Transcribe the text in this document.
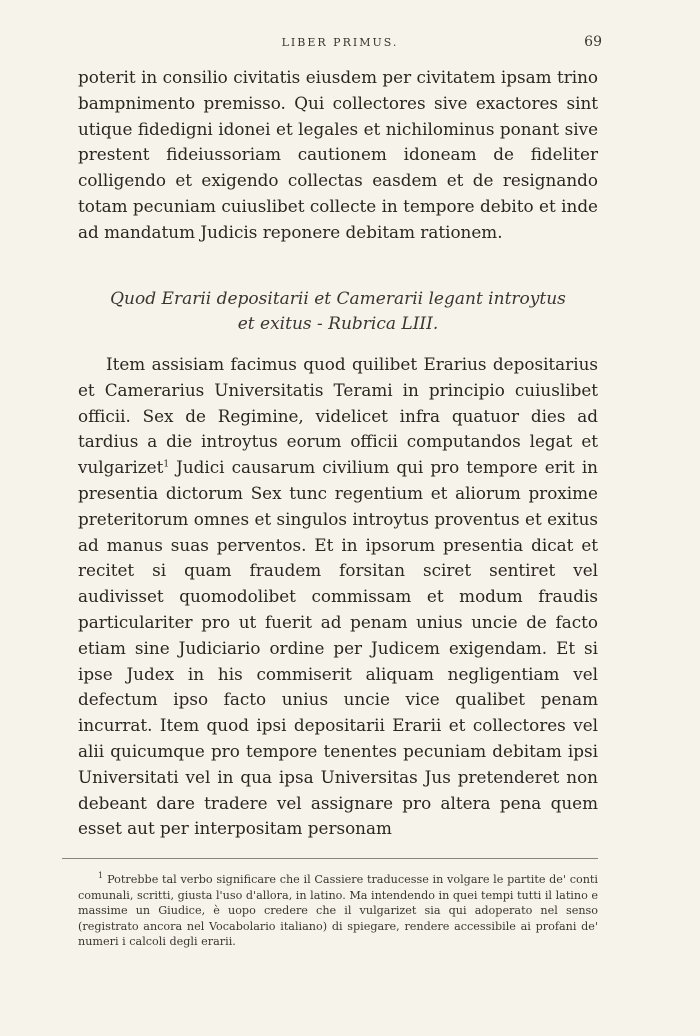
LIBER PRIMUS.	69

poterit in consilio civitatis eiusdem per civitatem ipsam trino bampnimento premisso. Qui collectores sive exactores sint utique fidedigni idonei et legales et nichilominus ponant sive prestent fideiussoriam cautionem idoneam de fideliter colligendo et exigendo collectas easdem et de resignando totam pecuniam cuiuslibet collecte in tempore debito et inde ad mandatum Judicis reponere debitam rationem.

Quod Erarii depositarii et Camerarii legant introytus
et exitus - Rubrica LIII.

Item assisiam facimus quod quilibet Erarius depositarius et Camerarius Universitatis Terami in principio cuiuslibet officii. Sex de Regimine, videlicet infra quatuor dies ad tardius a die introytus eorum officii computandos legat et vulgarizet$^1$ Judici causarum civilium qui pro tempore erit in presentia dictorum Sex tunc regentium et aliorum proxime preteritorum omnes et singulos introytus proventus et exitus ad manus suas perventos. Et in ipsorum presentia dicat et recitet si quam fraudem forsitan sciret sentiret vel audivisset quomodolibet commissam et modum fraudis particulariter pro ut fuerit ad penam unius uncie de facto etiam sine Judiciario ordine per Judicem exigendam. Et si ipse Judex in his commiserit aliquam negligentiam vel defectum ipso facto unius uncie vice qualibet penam incurrat. Item quod ipsi depositarii Erarii et collectores vel alii quicumque pro tempore tenentes pecuniam debitam ipsi Universitati vel in qua ipsa Universitas Jus pretenderet non debeant dare tradere vel assignare pro altera pena quem esset aut per interpositam personam

$^1$ Potrebbe tal verbo significare che il Cassiere traducesse in volgare le partite de' conti comunali, scritti, giusta l'uso d'allora, in latino. Ma intendendo in quei tempi tutti il latino e massime un Giudice, è uopo credere che il vulgarizet sia qui adoperato nel senso (registrato ancora nel Vocabolario italiano) di spiegare, rendere accessibile ai profani de' numeri i calcoli degli erarii.
